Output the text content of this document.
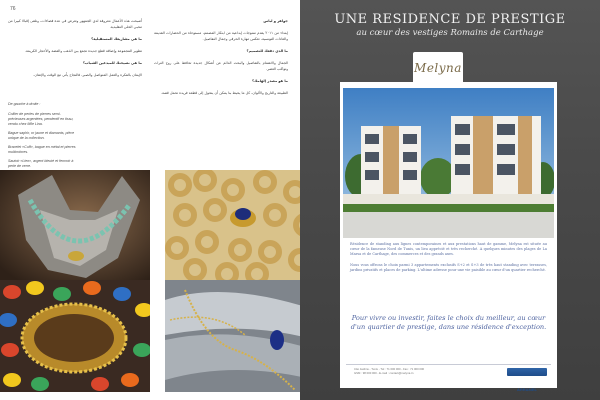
76

جواهر و لباس

إبتداء من ٢٠١١ يقدم منتوجات إبداعية من ابتكار المصمم، مستوحاة من الحضارات القديمة والعادات التونسية، تعكس مهارة الحرفي وجمال التفاصيل.

ما الذي دفعك للتصميم؟

الجمال والاهتمام بالتفاصيل والبحث الدائم عن أشكال جديدة تحافظ على روح التراث وتواكب العصر.

ما هو مصدر إلهامك؟

الطبيعة والتاريخ والألوان، كل ما يحيط بنا يمكن أن يتحول إلى قطعة فريدة تحمل قصة.

أصبحت هذه الأعمال معروفة لدى الجمهور وتعرض في عدة فضاءات، وتلقى إقبالا كبيرا من محبي الحلي التقليدية.

ما هي مشاريعك المستقبلية؟

تطوير المجموعة وإضافة قطع جديدة تجمع بين الذهب والفضة والأحجار الكريمة.

ما هي نصيحتك للمبدعين الشباب؟

الإيمان بالفكرة والعمل المتواصل والصبر، فالنجاح يأتي مع الوقت والإتقان.

De gauche à droite :

Collier de perles de pierres semi-précieuses argentées, pendentif en tissu, vendu chez Mlle Lina.

Bague saphir, or jaune et diamants, pièce unique de la collection.

Bracelet «Cuff», bague en métal et pierres multicolores.

Sautoir «Lien», argent bleuté et fermoir à perle de verre.

UNE RESIDENCE DE PRESTIGE
au cœur des vestiges Romains de Carthage
Melyna

Résidence de standing aux lignes contemporaines et aux prestations haut de gamme, Melyna est située au cœur de la fameuse Nord de Tunis, un lieu apprécié et très recherché. A quelques minutes des plages de La Marsa et de Carthage, des commerces et des grands axes.

Nous vous offrons le choix parmi 3 appartements exclusifs S+2 et S+3 de très haut standing avec terrasses, jardins privatifs et places de parking. L'ultime adresse pour une vie paisible au cœur d'un quartier recherché.

Pour vivre ou investir, faites le choix du meilleur, au cœur
d'un quartier de prestige, dans une résidence d'exception.
Cité Jardins - Tunis - Tél : 71 000 000 - Fax : 71 000 000
GSM : 98 000 000 - E-mail : contact@melyna.tn
ARRAMEL
